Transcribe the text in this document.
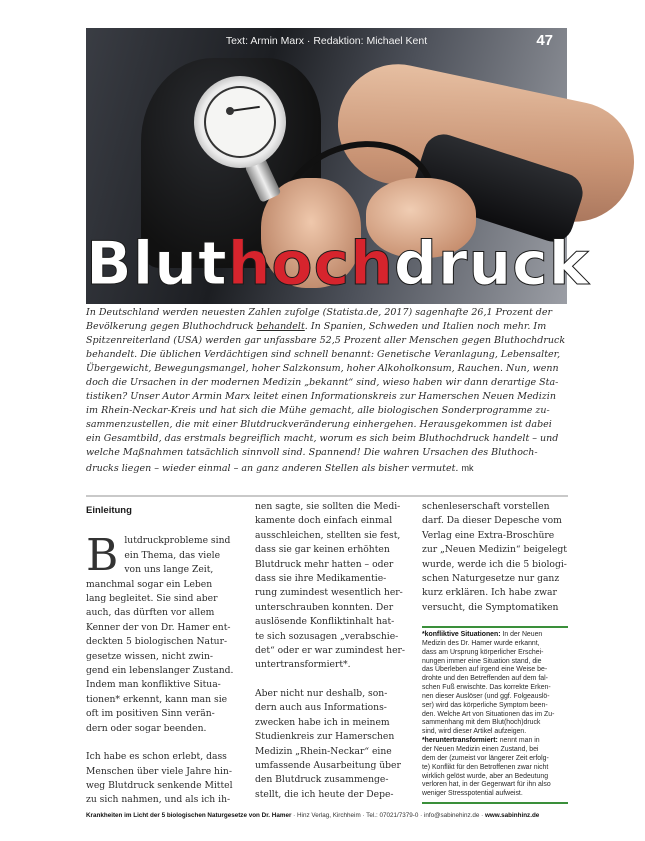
Text: Armin Marx · Redaktion: Michael Kent	47
Bluthochdruck
In Deutschland werden neuesten Zahlen zufolge (Statista.de, 2017) sagenhafte 26,1 Prozent der
Bevölkerung gegen Bluthochdruck behandelt. In Spanien, Schweden und Italien noch mehr. Im
Spitzenreiterland (USA) werden gar unfassbare 52,5 Prozent aller Menschen gegen Bluthochdruck
behandelt. Die üblichen Verdächtigen sind schnell benannt: Genetische Veranlagung, Lebensalter,
Übergewicht, Bewegungsmangel, hoher Salzkonsum, hoher Alkoholkonsum, Rauchen. Nun, wenn
doch die Ursachen in der modernen Medizin „bekannt“ sind, wieso haben wir dann derartige Sta-
tistiken? Unser Autor Armin Marx leitet einen Informationskreis zur Hamerschen Neuen Medizin
im Rhein-Neckar-Kreis und hat sich die Mühe gemacht, alle biologischen Sonderprogramme zu-
sammenzustellen, die mit einer Blutdruckveränderung einhergehen. Herausgekommen ist dabei
ein Gesamtbild, das erstmals begreiflich macht, worum es sich beim Bluthochdruck handelt – und
welche Maßnahmen tatsächlich sinnvoll sind. Spannend! Die wahren Ursachen des Bluthoch-
drucks liegen – wieder einmal – an ganz anderen Stellen als bisher vermutet. mk
Einleitung
B lutdruckprobleme sind
ein Thema, das viele
von uns lange Zeit,
manchmal sogar ein Leben
lang begleitet. Sie sind aber
auch, das dürften vor allem
Kenner der von Dr. Hamer ent-
deckten 5 biologischen Natur-
gesetze wissen, nicht zwin-
gend ein lebenslanger Zustand.
Indem man konfliktive Situa-
tionen* erkennt, kann man sie
oft im positiven Sinn verän-
dern oder sogar beenden.
Ich habe es schon erlebt, dass
Menschen über viele Jahre hin-
weg Blutdruck senkende Mittel
zu sich nahmen, und als ich ih-
nen sagte, sie sollten die Medi-
kamente doch einfach einmal
ausschleichen, stellten sie fest,
dass sie gar keinen erhöhten
Blutdruck mehr hatten – oder
dass sie ihre Medikamentie-
rung zumindest wesentlich her-
unterschrauben konnten. Der
auslösende Konfliktinhalt hat-
te sich sozusagen „verabschie-
det“ oder er war zumindest her-
untertransformiert*.
Aber nicht nur deshalb, son-
dern auch aus Informations-
zwecken habe ich in meinem
Studienkreis zur Hamerschen
Medizin „Rhein-Neckar“ eine
umfassende Ausarbeitung über
den Blutdruck zusammenge-
stellt, die ich heute der Depe-
schenleserschaft vorstellen
darf. Da dieser Depesche vom
Verlag eine Extra-Broschüre
zur „Neuen Medizin“ beigelegt
wurde, werde ich die 5 biologi-
schen Naturgesetze nur ganz
kurz erklären. Ich habe zwar
versucht, die Symptomatiken
*konfliktive Situationen: In der Neuen
Medizin des Dr. Hamer wurde erkannt,
dass am Ursprung körperlicher Erschei-
nungen immer eine Situation stand, die
das Überleben auf irgend eine Weise be-
drohte und den Betreffenden auf dem fal-
schen Fuß erwischte. Das korrekte Erken-
nen dieser Auslöser (und ggf. Folgeauslö-
ser) wird das körperliche Symptom been-
den. Welche Art von Situationen das im Zu-
sammenhang mit dem Blut(hoch)druck
sind, wird dieser Artikel aufzeigen.
*heruntertransformiert: nennt man in
der Neuen Medizin einen Zustand, bei
dem der (zumeist vor längerer Zeit erfolg-
te) Konflikt für den Betroffenen zwar nicht
wirklich gelöst wurde, aber an Bedeutung
verloren hat, in der Gegenwart für ihn also
weniger Stresspotential aufweist.
Krankheiten im Licht der 5 biologischen Naturgesetze von Dr. Hamer · Hinz Verlag, Kirchheim · Tel.: 07021/7379-0 · info@sabinehinz.de · www.sabinhinz.de
